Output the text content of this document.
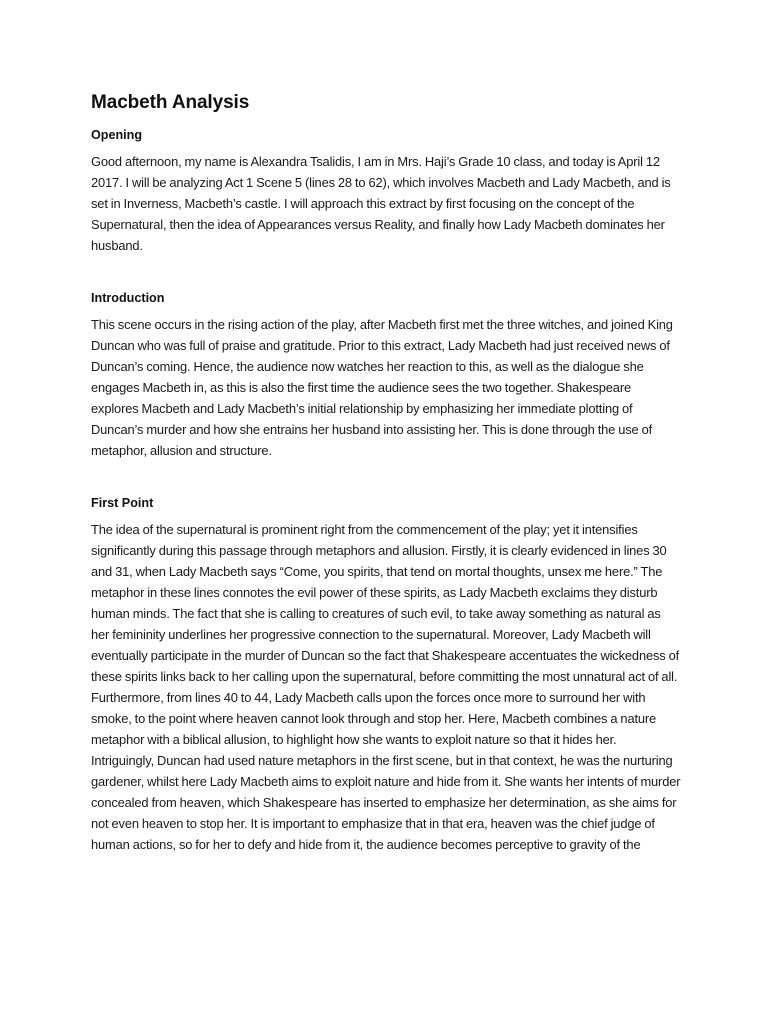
Macbeth Analysis
Opening

Good afternoon, my name is Alexandra Tsalidis, I am in Mrs. Haji’s Grade 10 class, and today is April 12 2017. I will be analyzing Act 1 Scene 5 (lines 28 to 62), which involves Macbeth and Lady Macbeth, and is set in Inverness, Macbeth’s castle. I will approach this extract by first focusing on the concept of the Supernatural, then the idea of Appearances versus Reality, and finally how Lady Macbeth dominates her husband.

Introduction

This scene occurs in the rising action of the play, after Macbeth first met the three witches, and joined King Duncan who was full of praise and gratitude. Prior to this extract, Lady Macbeth had just received news of Duncan’s coming. Hence, the audience now watches her reaction to this, as well as the dialogue she engages Macbeth in, as this is also the first time the audience sees the two together. Shakespeare explores Macbeth and Lady Macbeth’s initial relationship by emphasizing her immediate plotting of Duncan’s murder and how she entrains her husband into assisting her. This is done through the use of metaphor, allusion and structure.

First Point

The idea of the supernatural is prominent right from the commencement of the play; yet it intensifies significantly during this passage through metaphors and allusion. Firstly, it is clearly evidenced in lines 30 and 31, when Lady Macbeth says “Come, you spirits, that tend on mortal thoughts, unsex me here.” The metaphor in these lines connotes the evil power of these spirits, as Lady Macbeth exclaims they disturb human minds. The fact that she is calling to creatures of such evil, to take away something as natural as her femininity underlines her progressive connection to the supernatural. Moreover, Lady Macbeth will eventually participate in the murder of Duncan so the fact that Shakespeare accentuates the wickedness of these spirits links back to her calling upon the supernatural, before committing the most unnatural act of all. Furthermore, from lines 40 to 44, Lady Macbeth calls upon the forces once more to surround her with smoke, to the point where heaven cannot look through and stop her. Here, Macbeth combines a nature metaphor with a biblical allusion, to highlight how she wants to exploit nature so that it hides her. Intriguingly, Duncan had used nature metaphors in the first scene, but in that context, he was the nurturing gardener, whilst here Lady Macbeth aims to exploit nature and hide from it. She wants her intents of murder concealed from heaven, which Shakespeare has inserted to emphasize her determination, as she aims for not even heaven to stop her. It is important to emphasize that in that era, heaven was the chief judge of human actions, so for her to defy and hide from it, the audience becomes perceptive to gravity of the
